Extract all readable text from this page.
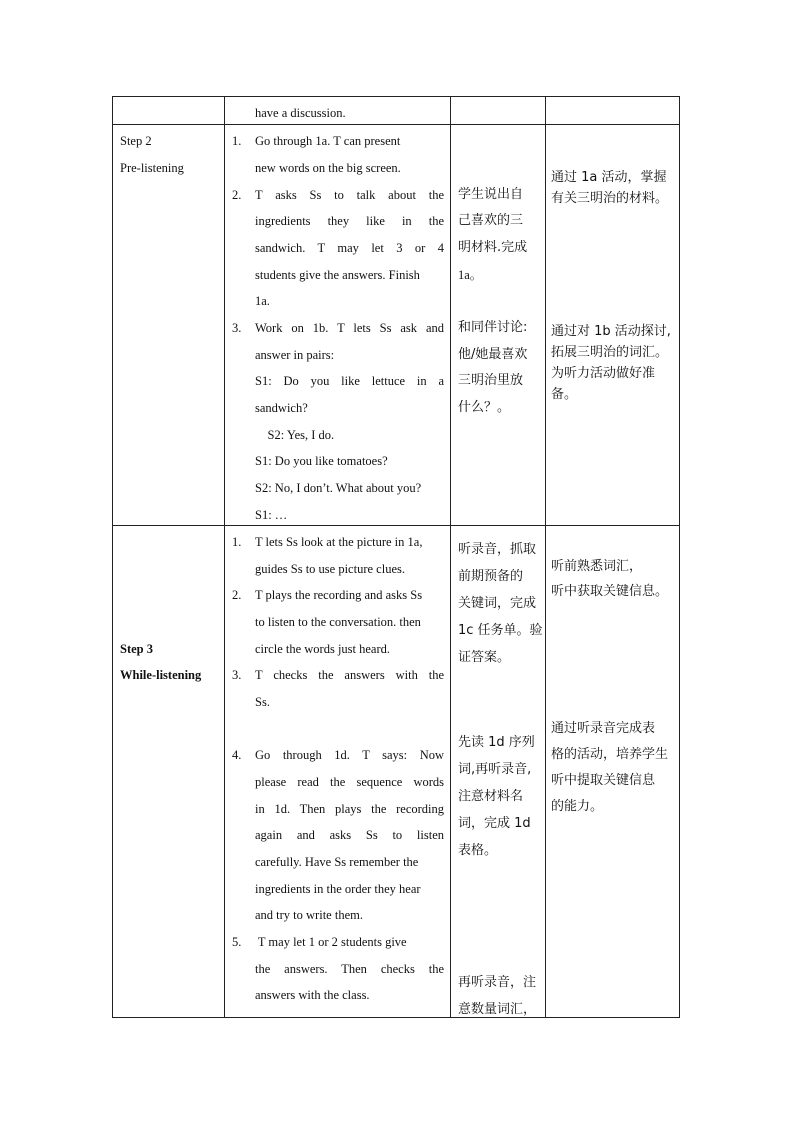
have a discussion.
Step 2
Pre-listening
1. Go through 1a. T can present
new words on the big screen.
2. T asks Ss to talk about the
ingredients they like in the
sandwich. T may let 3 or 4
students give the answers. Finish
1a.
3. Work on 1b. T lets Ss ask and
answer in pairs:
S1: Do you like lettuce in a
sandwich?
S2: Yes, I do.
S1: Do you like tomatoes?
S2: No, I don’t. What about you?
S1: …
学生说出自
己喜欢的三
明材料.完成
1a。
和同伴讨论:
他/她最喜欢
三明治里放
什么？。
通过 1a 活动，掌握
有关三明治的材料。
通过对 1b 活动探讨,
拓展三明治的词汇。
为听力活动做好准
备。
Step 3
While-listening
1. T lets Ss look at the picture in 1a,
guides Ss to use picture clues.
2. T plays the recording and asks Ss
to listen to the conversation. then
circle the words just heard.
3. T checks the answers with the
Ss.
4. Go through 1d. T says: Now
please read the sequence words
in 1d. Then plays the recording
again and asks Ss to listen
carefully. Have Ss remember the
ingredients in the order they hear
and try to write them.
5. T may let 1 or 2 students give
the answers. Then checks the
answers with the class.
听录音，抓取
前期预备的
关键词，完成
1c 任务单。验
证答案。
先读 1d 序列
词,再听录音,
注意材料名
词，完成 1d
表格。
再听录音，注
意数量词汇，
听前熟悉词汇，
听中获取关键信息。
通过听录音完成表
格的活动，培养学生
听中提取关键信息
的能力。
